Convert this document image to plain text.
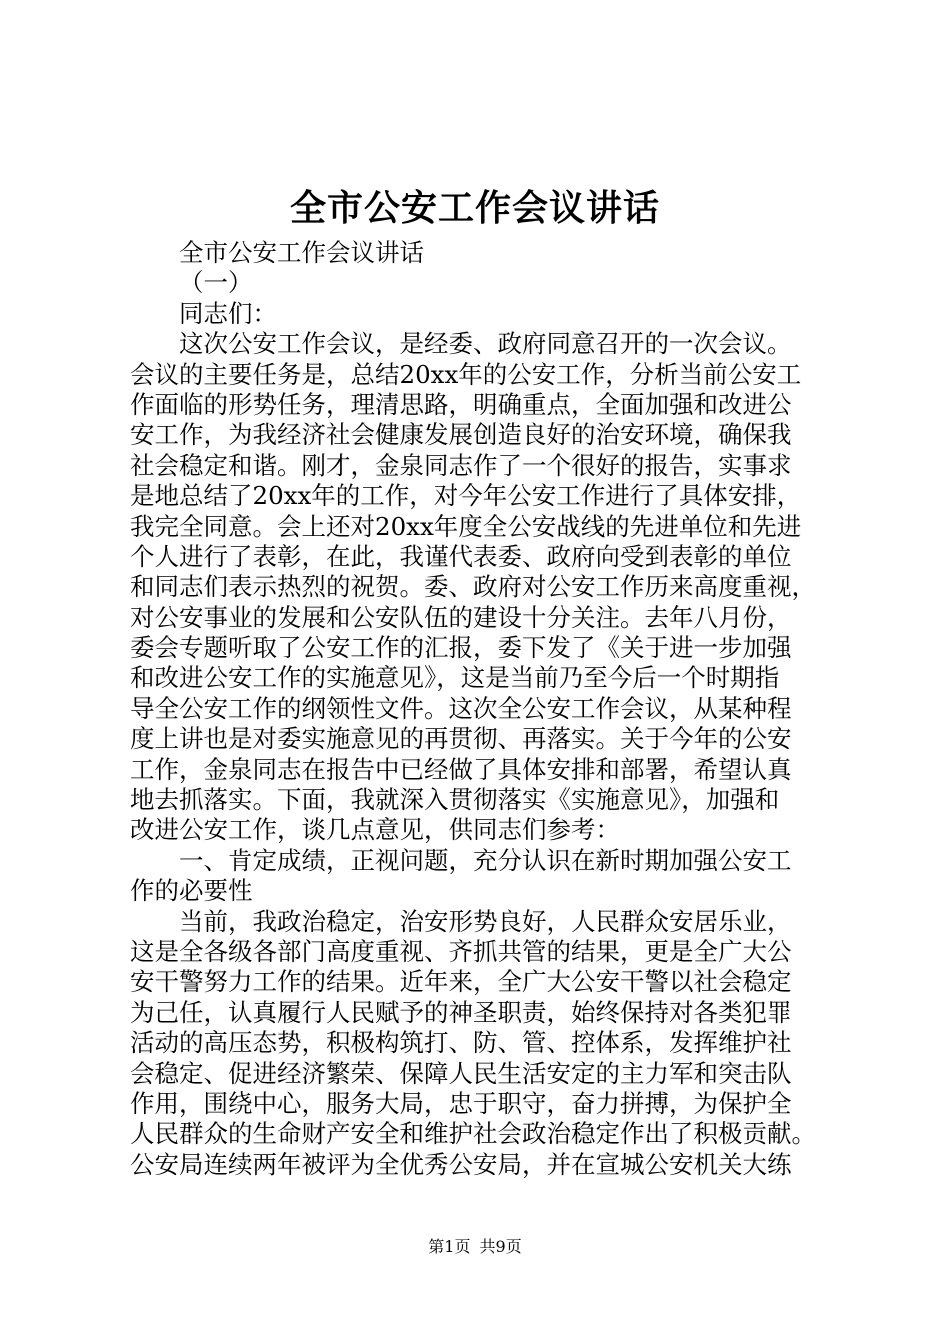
全市公安工作会议讲话
全市公安工作会议讲话
（一）
同志们：
这次公安工作会议，是经委、政府同意召开的一次会议。
会议的主要任务是，总结20xx年的公安工作，分析当前公安工
作面临的形势任务，理清思路，明确重点，全面加强和改进公
安工作，为我经济社会健康发展创造良好的治安环境，确保我
社会稳定和谐。刚才，金泉同志作了一个很好的报告，实事求
是地总结了20xx年的工作，对今年公安工作进行了具体安排，
我完全同意。会上还对20xx年度全公安战线的先进单位和先进
个人进行了表彰，在此，我谨代表委、政府向受到表彰的单位
和同志们表示热烈的祝贺。委、政府对公安工作历来高度重视，
对公安事业的发展和公安队伍的建设十分关注。去年八月份，
委会专题听取了公安工作的汇报，委下发了《关于进一步加强
和改进公安工作的实施意见》，这是当前乃至今后一个时期指
导全公安工作的纲领性文件。这次全公安工作会议，从某种程
度上讲也是对委实施意见的再贯彻、再落实。关于今年的公安
工作，金泉同志在报告中已经做了具体安排和部署，希望认真
地去抓落实。下面，我就深入贯彻落实《实施意见》，加强和
改进公安工作，谈几点意见，供同志们参考：
一、肯定成绩，正视问题，充分认识在新时期加强公安工
作的必要性
当前，我政治稳定，治安形势良好，人民群众安居乐业，
这是全各级各部门高度重视、齐抓共管的结果，更是全广大公
安干警努力工作的结果。近年来，全广大公安干警以社会稳定
为己任，认真履行人民赋予的神圣职责，始终保持对各类犯罪
活动的高压态势，积极构筑打、防、管、控体系，发挥维护社
会稳定、促进经济繁荣、保障人民生活安定的主力军和突击队
作用，围绕中心，服务大局，忠于职守，奋力拼搏，为保护全
人民群众的生命财产安全和维护社会政治稳定作出了积极贡献。
公安局连续两年被评为全优秀公安局，并在宣城公安机关大练
第1页 共9页
